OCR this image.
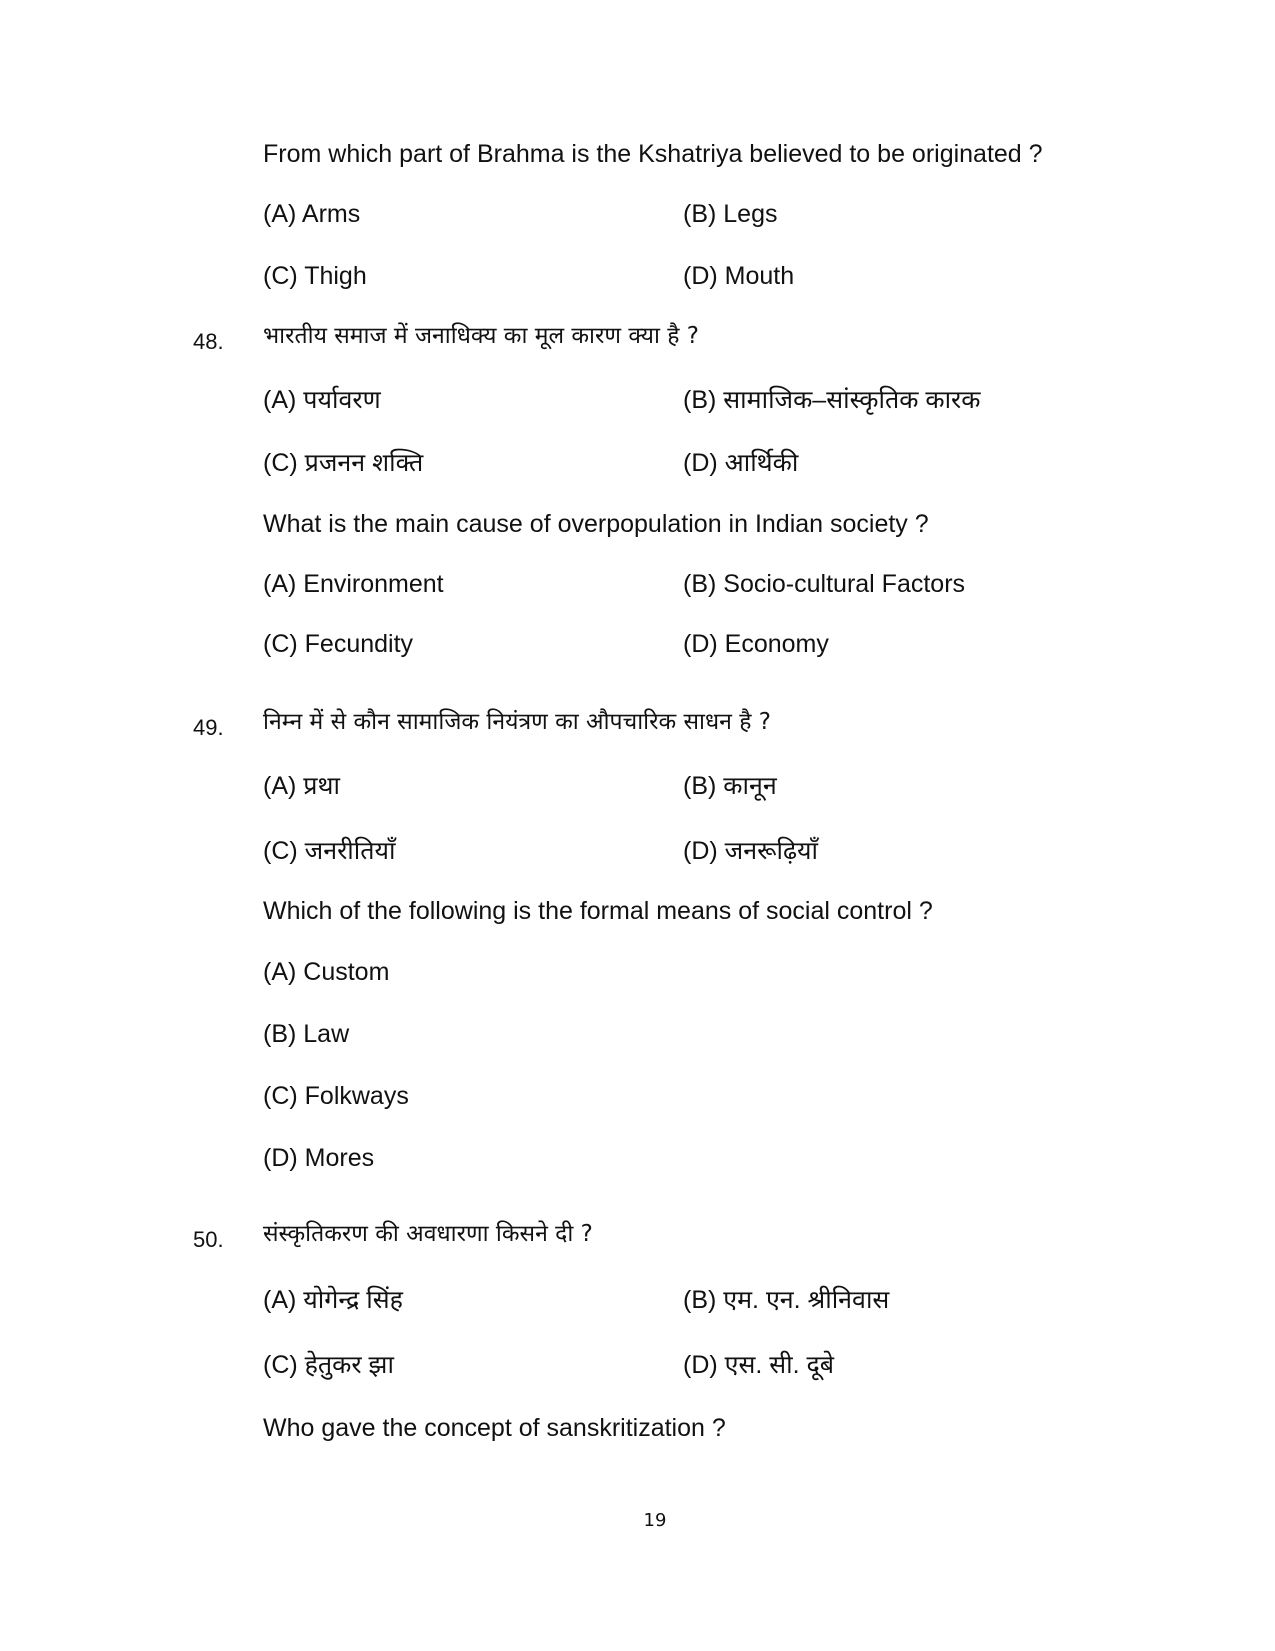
From which part of Brahma is the Kshatriya believed to be originated ?
(A) Arms	(B) Legs
(C) Thigh	(D) Mouth
48. भारतीय समाज में जनाधिक्य का मूल कारण क्या है ?
(A) पर्यावरण	(B) सामाजिक–सांस्कृतिक कारक
(C) प्रजनन शक्ति	(D) आर्थिकी
What is the main cause of overpopulation in Indian society ?
(A) Environment	(B) Socio-cultural Factors
(C) Fecundity	(D) Economy
49. निम्न में से कौन सामाजिक नियंत्रण का औपचारिक साधन है ?
(A) प्रथा	(B) कानून
(C) जनरीतियाँ	(D) जनरूढ़ियाँ
Which of the following is the formal means of social control ?
(A) Custom
(B) Law
(C) Folkways
(D) Mores
50. संस्कृतिकरण की अवधारणा किसने दी ?
(A) योगेन्द्र सिंह	(B) एम. एन. श्रीनिवास
(C) हेतुकर झा	(D) एस. सी. दूबे
Who gave the concept of sanskritization ?
19
